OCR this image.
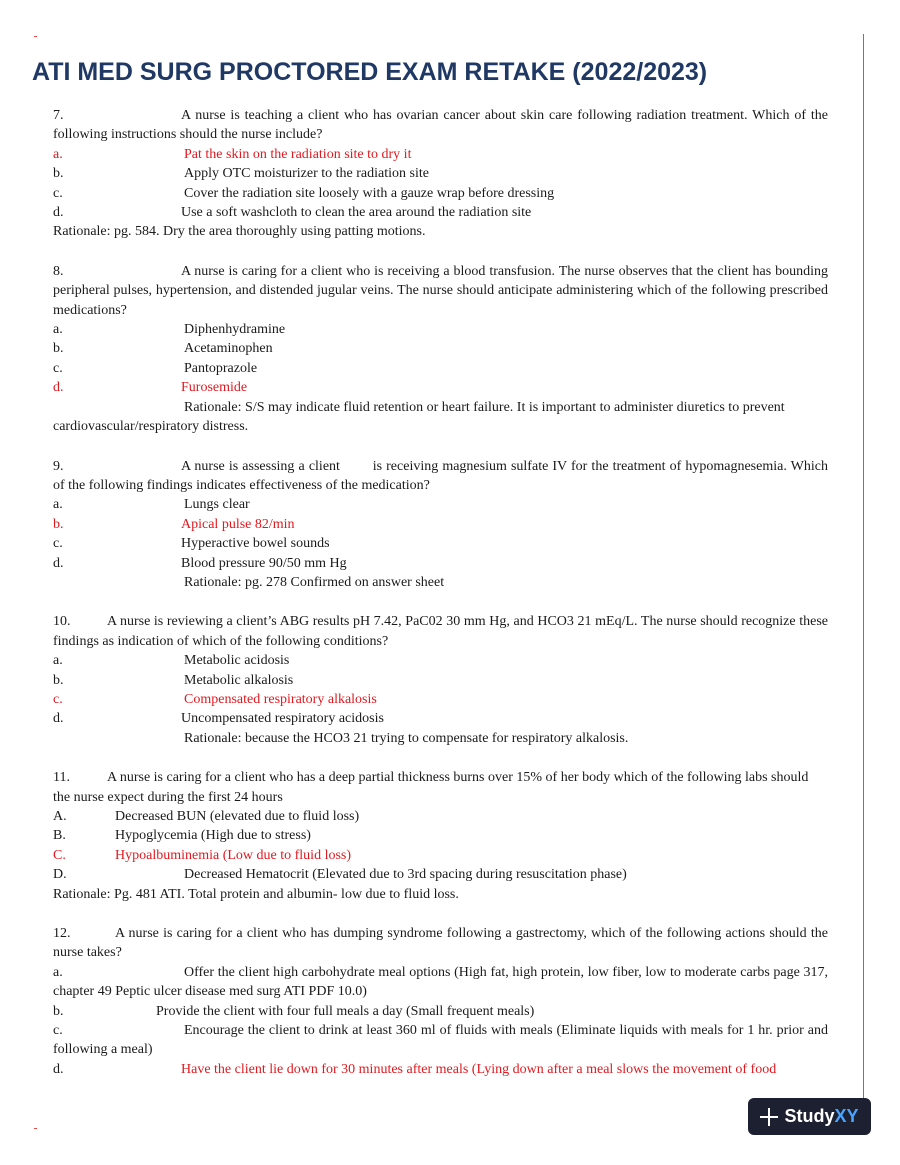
ATI MED SURG PROCTORED EXAM RETAKE (2022/2023)

7.	A nurse is teaching a client who has ovarian cancer about skin care following radiation treatment. Which of the following instructions should the nurse include?

a.	Pat the skin on the radiation site to dry it
b.	Apply OTC moisturizer to the radiation site
c.	Cover the radiation site loosely with a gauze wrap before dressing
d.	Use a soft washcloth to clean the area around the radiation site

Rationale: pg. 584. Dry the area thoroughly using patting motions.

8.	A nurse is caring for a client who is receiving a blood transfusion. The nurse observes that the client has bounding peripheral pulses, hypertension, and distended jugular veins. The nurse should anticipate administering which of the following prescribed medications?

a.	Diphenhydramine
b.	Acetaminophen
c.	Pantoprazole
d.	Furosemide

Rationale: S/S may indicate fluid retention or heart failure. It is important to administer diuretics to prevent cardiovascular/respiratory distress.

9.	A nurse is assessing a client        is receiving magnesium sulfate IV for the treatment of hypomagnesemia. Which of the following findings indicates effectiveness of the medication?

a.	Lungs clear
b.	Apical pulse 82/min
c.	Hyperactive bowel sounds
d.	Blood pressure 90/50 mm Hg

Rationale: pg. 278 Confirmed on answer sheet

10.	A nurse is reviewing a client’s ABG results pH 7.42, PaC02 30 mm Hg, and HCO3 21 mEq/L. The nurse should recognize these findings as indication of which of the following conditions?

a.	Metabolic acidosis
b.	Metabolic alkalosis
c.	Compensated respiratory alkalosis
d.	Uncompensated respiratory acidosis

Rationale: because the HCO3 21 trying to compensate for respiratory alkalosis.

11.	A nurse is caring for a client who has a deep partial thickness burns over 15% of her body which of the following labs should the nurse expect during the first 24 hours

A.	Decreased BUN (elevated due to fluid loss)
B.	Hypoglycemia (High due to stress)
C.	Hypoalbuminemia (Low due to fluid loss)
D.	Decreased Hematocrit (Elevated due to 3rd spacing during resuscitation phase)

Rationale: Pg. 481 ATI. Total protein and albumin- low due to fluid loss.

12.	A nurse is caring for a client who has dumping syndrome following a gastrectomy, which of the following actions should the nurse takes?

a.	Offer the client high carbohydrate meal options (High fat, high protein, low fiber, low to moderate carbs page 317, chapter 49 Peptic ulcer disease med surg ATI PDF 10.0)

b.	Provide the client with four full meals a day (Small frequent meals)

c.	Encourage the client to drink at least 360 ml of fluids with meals (Eliminate liquids with meals for 1 hr. prior and following a meal)

d.	Have the client lie down for 30 minutes after meals (Lying down after a meal slows the movement of food
StudyXY
